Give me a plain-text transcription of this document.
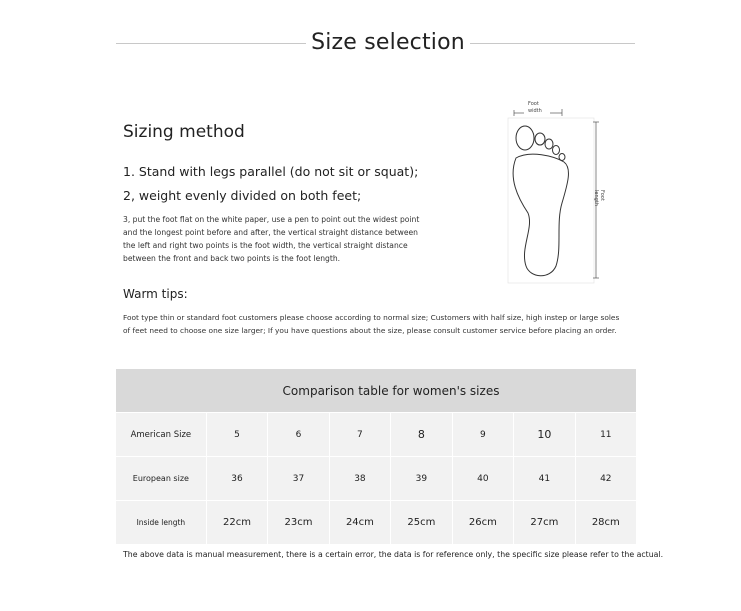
Size selection
Sizing method
1. Stand with legs parallel (do not sit or squat);
2, weight evenly divided on both feet;
3, put the foot flat on the white paper, use a pen to point out the widest point
and the longest point before and after, the vertical straight distance between
the left and right two points is the foot width, the vertical straight distance
between the front and back two points is the foot length.
Foot
width
Foot
length
Warm tips:
Foot type thin or standard foot customers please choose according to normal size; Customers with half size, high instep or large soles
of feet need to choose one size larger; If you have questions about the size, please consult customer service before placing an order.
Comparison table for women's sizes
American Size	5	6	7	8	9	10	11
European size	36	37	38	39	40	41	42
Inside length	22cm	23cm	24cm	25cm	26cm	27cm	28cm
The above data is manual measurement, there is a certain error, the data is for reference only, the specific size please refer to the actual.
